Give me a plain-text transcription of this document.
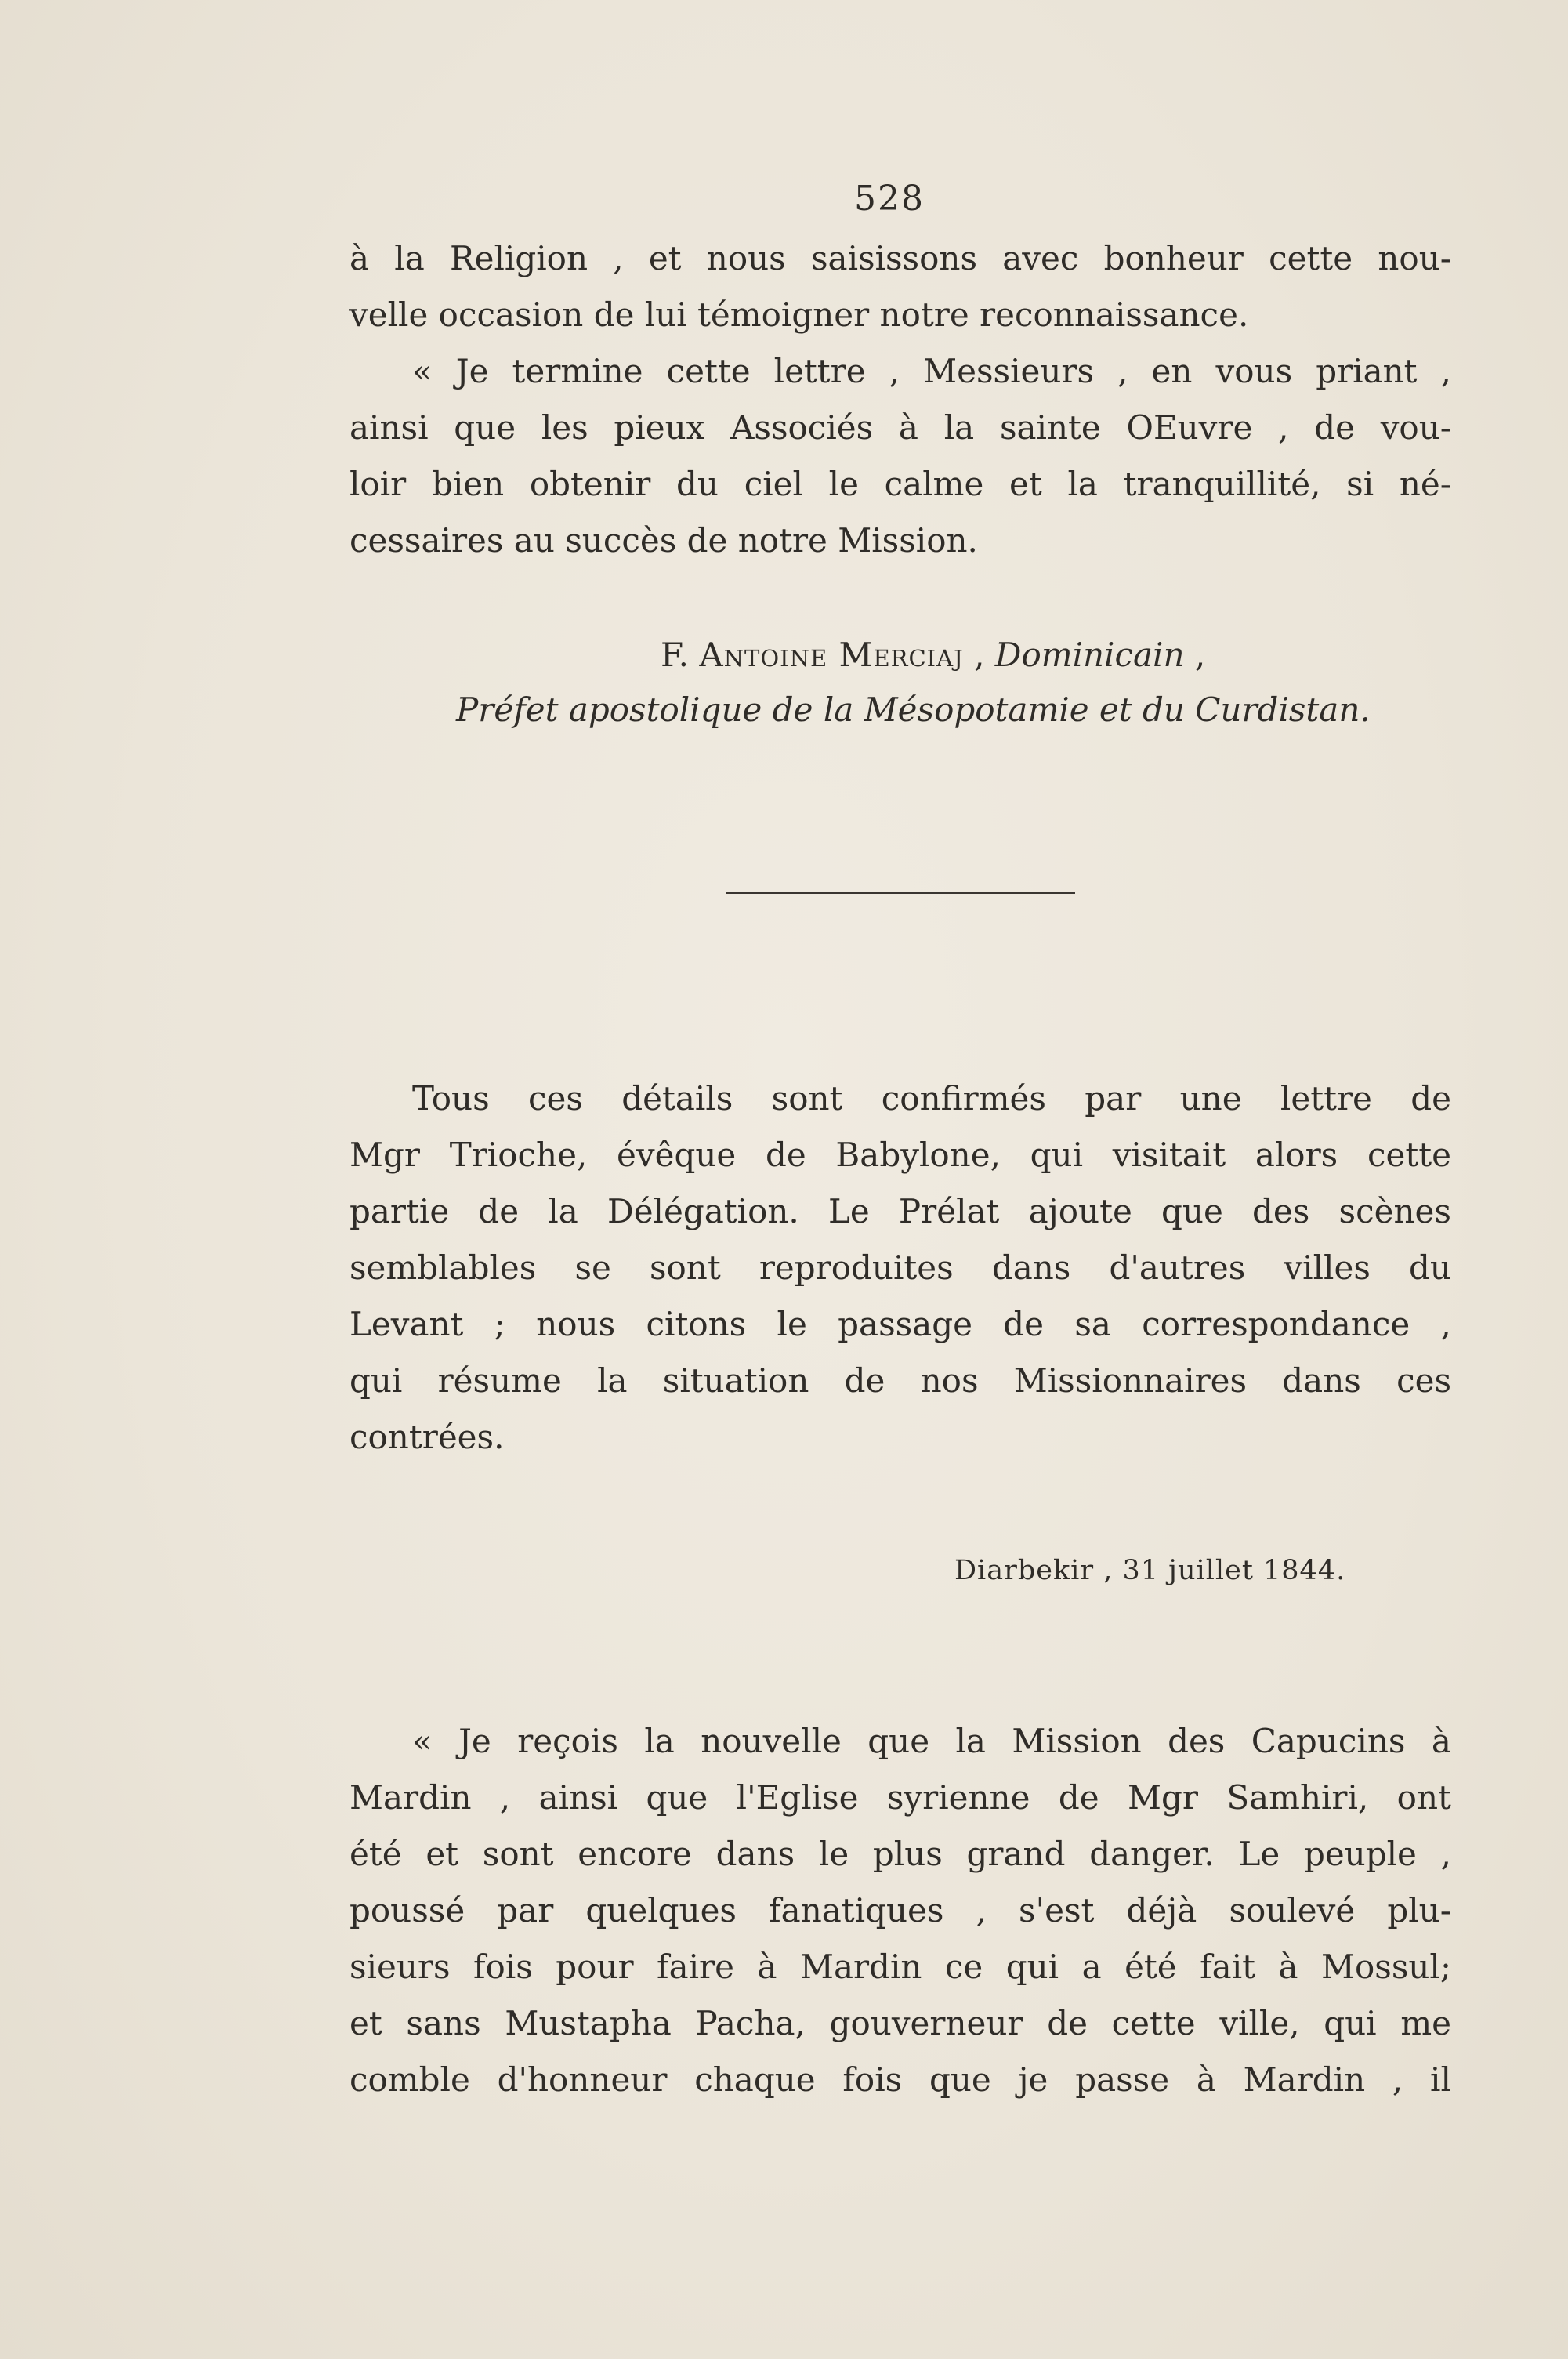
528
à la Religion , et nous saisissons avec bonheur cette nou-
velle occasion de lui témoigner notre reconnaissance.
« Je termine cette lettre , Messieurs , en vous priant ,
ainsi que les pieux Associés à la sainte OEuvre , de vou-
loir bien obtenir du ciel le calme et la tranquillité, si né-
cessaires au succès de notre Mission.
F. Antoine Merciaj , Dominicain ,
Préfet apostolique de la Mésopotamie et du Curdistan.
Tous ces détails sont confirmés par une lettre de
Mgr Trioche, évêque de Babylone, qui visitait alors cette
partie de la Délégation. Le Prélat ajoute que des scènes
semblables se sont reproduites dans d'autres villes du
Levant ; nous citons le passage de sa correspondance ,
qui résume la situation de nos Missionnaires dans ces
contrées.
Diarbekir , 31 juillet 1844.
« Je reçois la nouvelle que la Mission des Capucins à
Mardin , ainsi que l'Eglise syrienne de Mgr Samhiri, ont
été et sont encore dans le plus grand danger. Le peuple ,
poussé par quelques fanatiques , s'est déjà soulevé plu-
sieurs fois pour faire à Mardin ce qui a été fait à Mossul;
et sans Mustapha Pacha, gouverneur de cette ville, qui me
comble d'honneur chaque fois que je passe à Mardin , il
